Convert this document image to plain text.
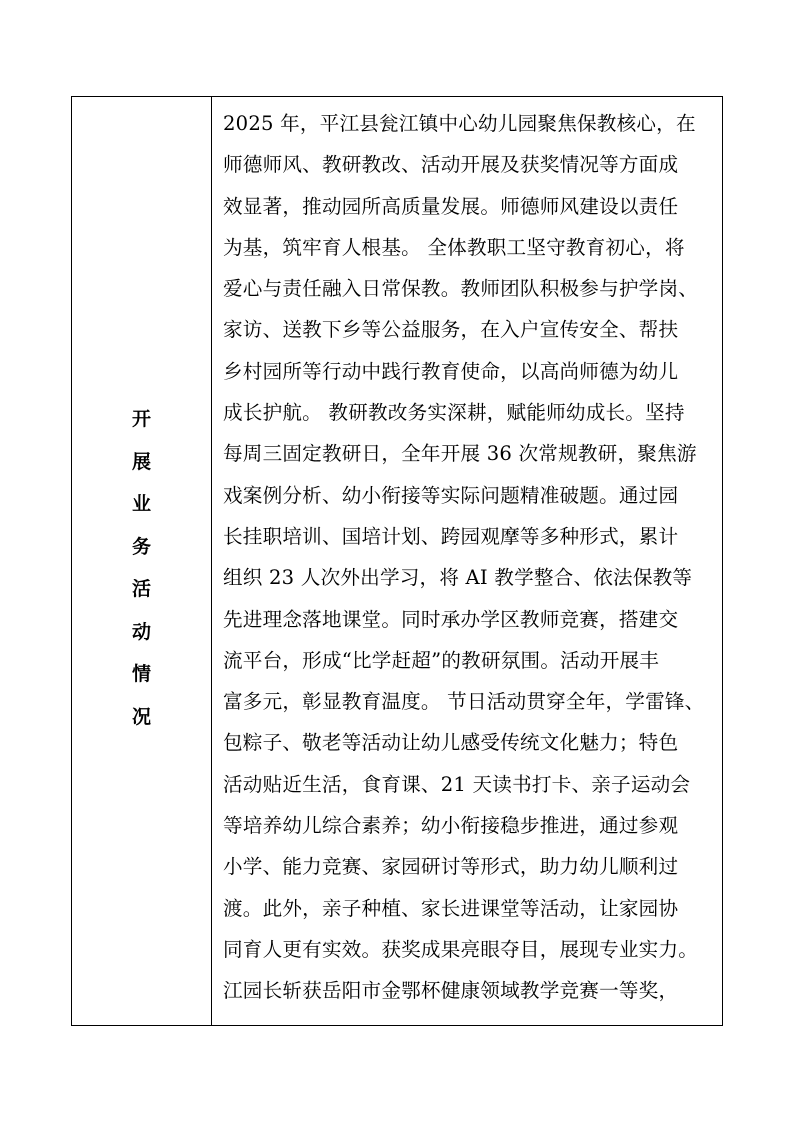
开
展
业
务
活
动
情
况
2025 年，平江县瓮江镇中心幼儿园聚焦保教核心，在
师德师风、教研教改、活动开展及获奖情况等方面成
效显著，推动园所高质量发展。师德师风建设以责任
为基，筑牢育人根基。 全体教职工坚守教育初心，将
爱心与责任融入日常保教。教师团队积极参与护学岗、
家访、送教下乡等公益服务，在入户宣传安全、帮扶
乡村园所等行动中践行教育使命，以高尚师德为幼儿
成长护航。 教研教改务实深耕，赋能师幼成长。坚持
每周三固定教研日，全年开展 36 次常规教研，聚焦游
戏案例分析、幼小衔接等实际问题精准破题。通过园
长挂职培训、国培计划、跨园观摩等多种形式，累计
组织 23 人次外出学习，将 AI 教学整合、依法保教等
先进理念落地课堂。同时承办学区教师竞赛，搭建交
流平台，形成“比学赶超”的教研氛围。活动开展丰
富多元，彰显教育温度。 节日活动贯穿全年，学雷锋、
包粽子、敬老等活动让幼儿感受传统文化魅力；特色
活动贴近生活，食育课、21 天读书打卡、亲子运动会
等培养幼儿综合素养；幼小衔接稳步推进，通过参观
小学、能力竞赛、家园研讨等形式，助力幼儿顺利过
渡。此外，亲子种植、家长进课堂等活动，让家园协
同育人更有实效。获奖成果亮眼夺目，展现专业实力。
江园长斩获岳阳市金鄂杯健康领域教学竞赛一等奖，
